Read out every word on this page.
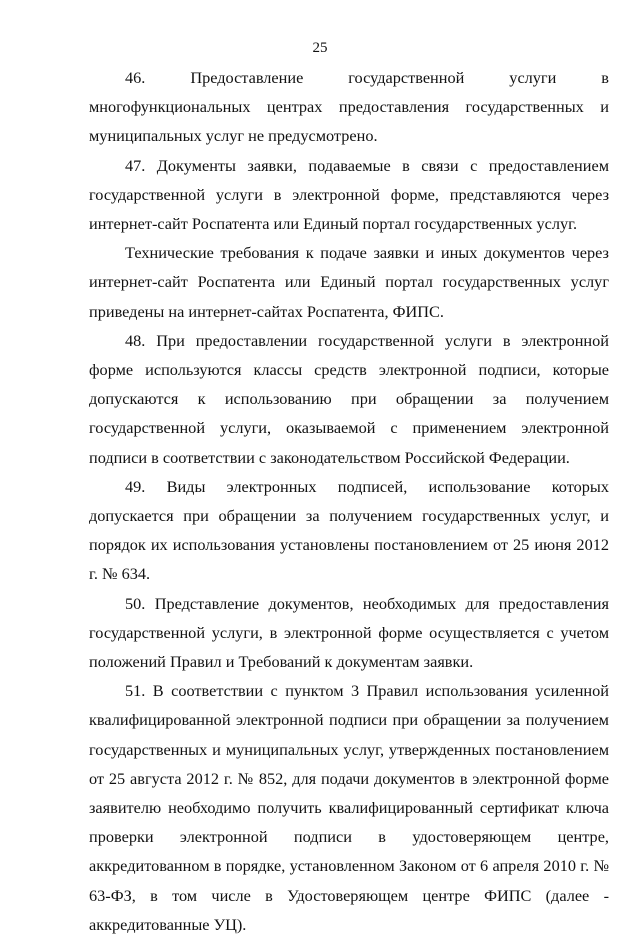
25

46. Предоставление государственной услуги в многофункциональных центрах предоставления государственных и муниципальных услуг не предусмотрено.

47. Документы заявки, подаваемые в связи с предоставлением государственной услуги в электронной форме, представляются через интернет-сайт Роспатента или Единый портал государственных услуг.

Технические требования к подаче заявки и иных документов через интернет-сайт Роспатента или Единый портал государственных услуг приведены на интернет-сайтах Роспатента, ФИПС.

48. При предоставлении государственной услуги в электронной форме используются классы средств электронной подписи, которые допускаются к использованию при обращении за получением государственной услуги, оказываемой с применением электронной подписи в соответствии с законодательством Российской Федерации.

49. Виды электронных подписей, использование которых допускается при обращении за получением государственных услуг, и порядок их использования установлены постановлением от 25 июня 2012 г. № 634.

50. Представление документов, необходимых для предоставления государственной услуги, в электронной форме осуществляется с учетом положений Правил и Требований к документам заявки.

51. В соответствии с пунктом 3 Правил использования усиленной квалифицированной электронной подписи при обращении за получением государственных и муниципальных услуг, утвержденных постановлением от 25 августа 2012 г. № 852, для подачи документов в электронной форме заявителю необходимо получить квалифицированный сертификат ключа проверки электронной подписи в удостоверяющем центре, аккредитованном в порядке, установленном Законом от 6 апреля 2010 г. № 63-ФЗ, в том числе в Удостоверяющем центре ФИПС (далее - аккредитованные УЦ).
